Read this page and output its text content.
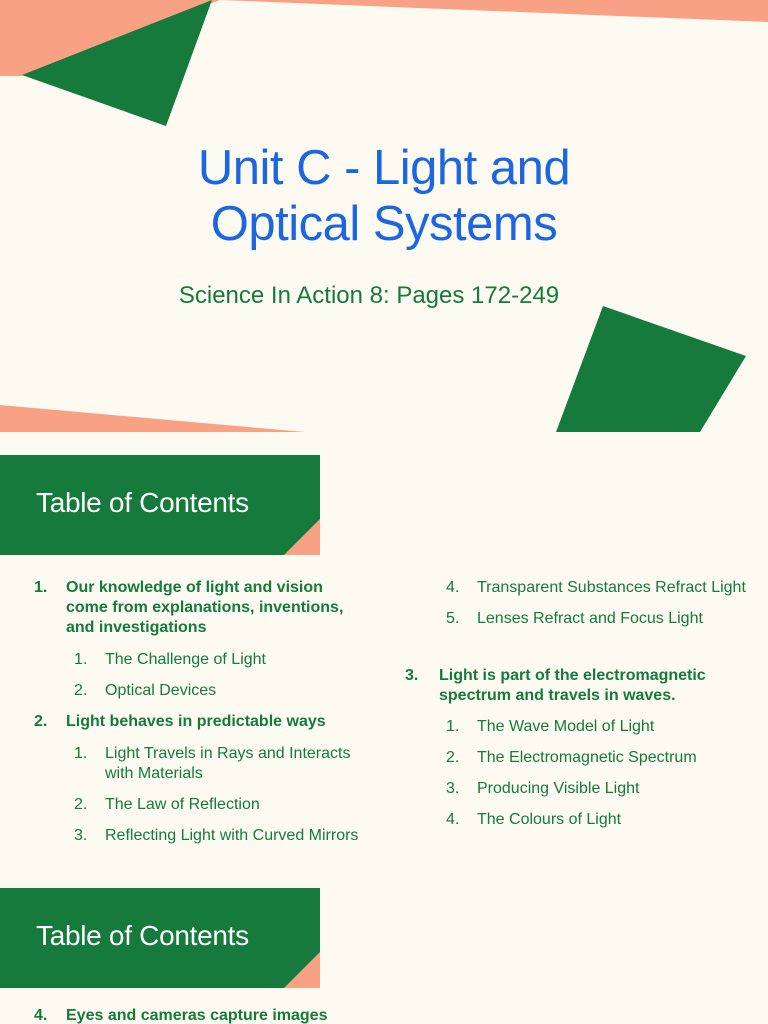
Unit C - Light and
Optical Systems

Science In Action 8: Pages 172-249

Table of Contents

1. Our knowledge of light and vision
come from explanations, inventions,
and investigations
1. The Challenge of Light
2. Optical Devices
2. Light behaves in predictable ways
1. Light Travels in Rays and Interacts
with Materials
2. The Law of Reflection
3. Reflecting Light with Curved Mirrors
4. Transparent Substances Refract Light
5. Lenses Refract and Focus Light
3. Light is part of the electromagnetic
spectrum and travels in waves.
1. The Wave Model of Light
2. The Electromagnetic Spectrum
3. Producing Visible Light
4. The Colours of Light

Table of Contents

4. Eyes and cameras capture images
